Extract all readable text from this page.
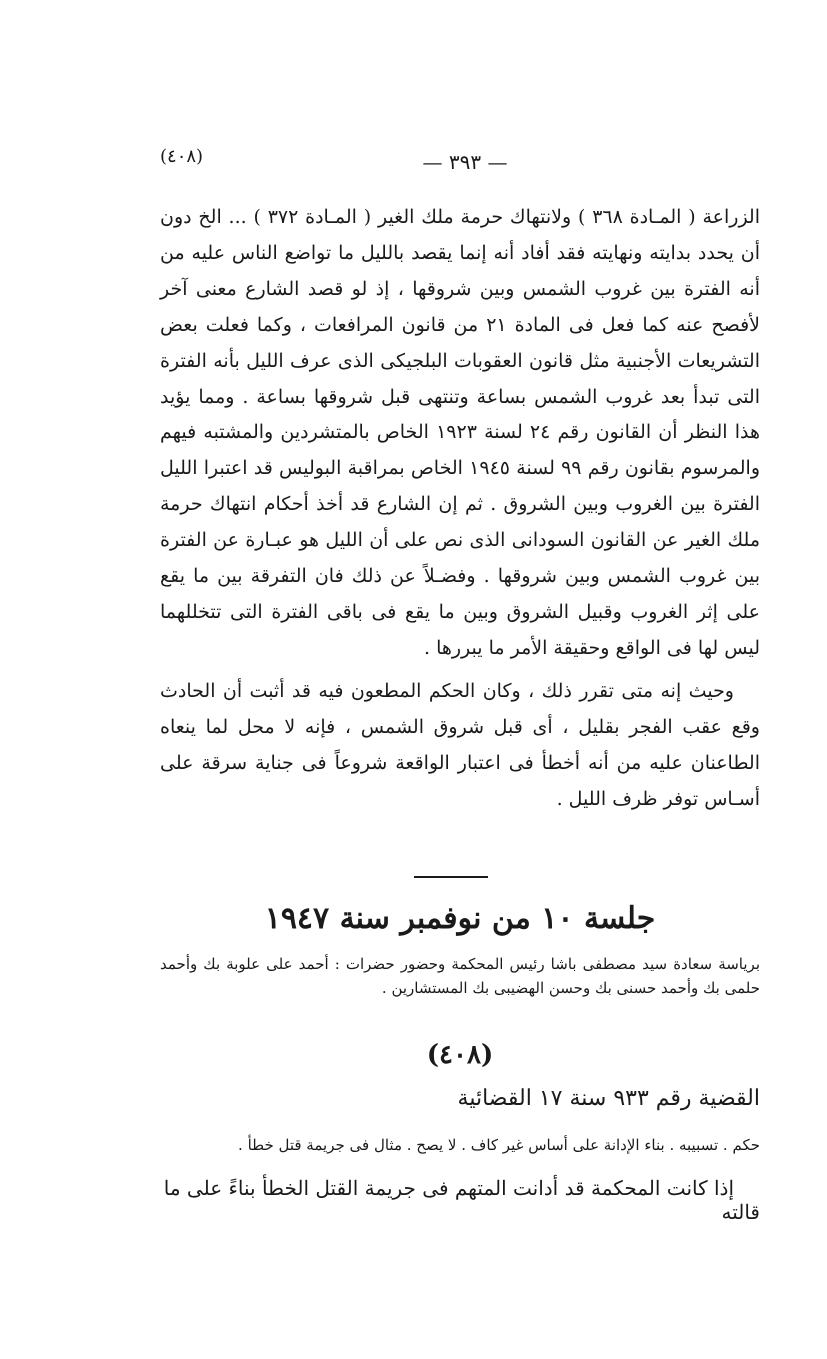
(٤٠٨)	— ٣٩٣ —

الزراعة ( المـادة ٣٦٨ ) ولانتهاك حرمة ملك الغير ( المـادة ٣٧٢ ) ... الخ دون أن يحدد بدايته ونهايته فقد أفاد أنه إنما يقصد بالليل ما تواضع الناس عليه من أنه الفترة بين غروب الشمس وبين شروقها ، إذ لو قصد الشارع معنى آخر لأفصح عنه كما فعل فى المادة ٢١ من قانون المرافعات ، وكما فعلت بعض التشريعات الأجنبية مثل قانون العقوبات البلجيكى الذى عرف الليل بأنه الفترة التى تبدأ بعد غروب الشمس بساعة وتنتهى قبل شروقها بساعة . ومما يؤيد هذا النظر أن القانون رقم ٢٤ لسنة ١٩٢٣ الخاص بالمتشردين والمشتبه فيهم والمرسوم بقانون رقم ٩٩ لسنة ١٩٤٥ الخاص بمراقبة البوليس قد اعتبرا الليل الفترة بين الغروب وبين الشروق . ثم إن الشارع قد أخذ أحكام انتهاك حرمة ملك الغير عن القانون السودانى الذى نص على أن الليل هو عبـارة عن الفترة بين غروب الشمس وبين شروقها . وفضـلاً عن ذلك فان التفرقة بين ما يقع على إثر الغروب وقبيل الشروق وبين ما يقع فى باقى الفترة التى تتخللهما ليس لها فى الواقع وحقيقة الأمر ما يبررها .

وحيث إنه متى تقرر ذلك ، وكان الحكم المطعون فيه قد أثبت أن الحادث وقع عقب الفجر بقليل ، أى قبل شروق الشمس ، فإنه لا محل لما ينعاه الطاعنان عليه من أنه أخطأ فى اعتبار الواقعة شروعاً فى جناية سرقة على أسـاس توفر ظرف الليل .

جلسة ١٠ من نوفمبر سنة ١٩٤٧
برياسة سعادة سيد مصطفى باشا رئيس المحكمة وحضور حضرات : أحمد على علوبة بك وأحمد حلمى بك وأحمد حسنى بك وحسن الهضيبى بك المستشارين .
(٤٠٨)
القضية رقم ٩٣٣ سنة ١٧ القضائية
حكم . تسبيبه . بناء الإدانة على أساس غير كاف . لا يصح . مثال فى جريمة قتل خطأ .
إذا كانت المحكمة قد أدانت المتهم فى جريمة القتل الخطأ بناءً على ما قالته
